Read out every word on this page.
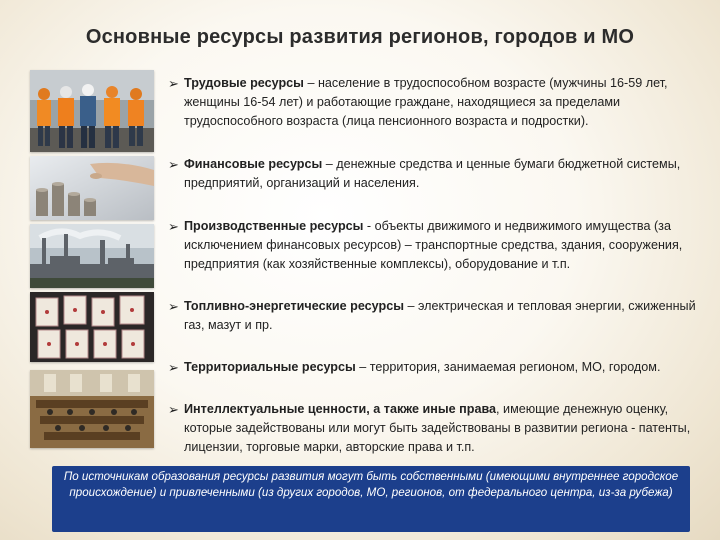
Основные ресурсы развития регионов, городов и МО
➢ Трудовые ресурсы – население в трудоспособном возрасте (мужчины 16-59 лет, женщины 16-54 лет) и работающие граждане, находящиеся за пределами трудоспособного возраста (лица пенсионного возраста и подростки).
➢ Финансовые ресурсы – денежные средства и ценные бумаги бюджетной системы, предприятий, организаций и населения.
➢ Производственные ресурсы - объекты движимого и недвижимого имущества (за исключением финансовых ресурсов) – транспортные средства, здания, сооружения, предприятия (как хозяйственные комплексы), оборудование и т.п.
➢ Топливно-энергетические ресурсы – электрическая и тепловая энергии, сжиженный газ, мазут и пр.
➢ Территориальные ресурсы – территория, занимаемая регионом, МО, городом.
➢ Интеллектуальные ценности, а также иные права, имеющие денежную оценку, которые задействованы или могут быть задействованы в развитии региона - патенты, лицензии, торговые марки, авторские права и т.п.
По источникам образования ресурсы развития могут быть собственными (имеющими внутреннее городское происхождение) и привлеченными (из других городов, МО, регионов, от федерального центра, из-за рубежа)
